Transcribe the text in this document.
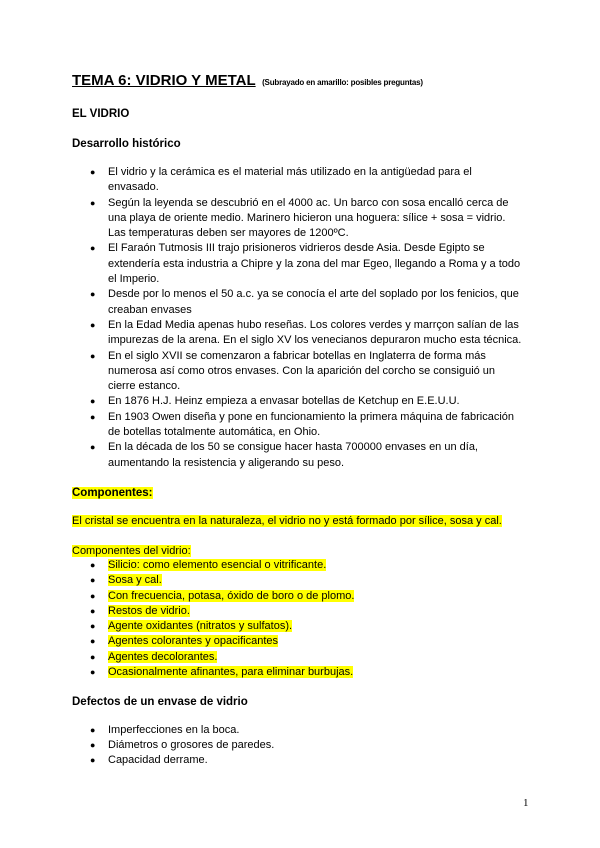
TEMA 6: VIDRIO Y METAL (Subrayado en amarillo: posibles preguntas)
EL VIDRIO
Desarrollo histórico
● El vidrio y la cerámica es el material más utilizado en la antigüedad para el
envasado.
● Según la leyenda se descubrió en el 4000 ac. Un barco con sosa encalló cerca de
una playa de oriente medio. Marinero hicieron una hoguera: sílice + sosa = vidrio.
Las temperaturas deben ser mayores de 1200ºC.
● El Faraón Tutmosis III trajo prisioneros vidrieros desde Asia. Desde Egipto se
extendería esta industria a Chipre y la zona del mar Egeo, llegando a Roma y a todo
el Imperio.
● Desde por lo menos el 50 a.c. ya se conocía el arte del soplado por los fenicios, que
creaban envases
● En la Edad Media apenas hubo reseñas. Los colores verdes y marrçon salían de las
impurezas de la arena. En el siglo XV los venecianos depuraron mucho esta técnica.
● En el siglo XVII se comenzaron a fabricar botellas en Inglaterra de forma más
numerosa así como otros envases. Con la aparición del corcho se consiguió un
cierre estanco.
● En 1876 H.J. Heinz empieza a envasar botellas de Ketchup en E.E.U.U.
● En 1903 Owen diseña y pone en funcionamiento la primera máquina de fabricación
de botellas totalmente automática, en Ohio.
● En la década de los 50 se consigue hacer hasta 700000 envases en un día,
aumentando la resistencia y aligerando su peso.
Componentes:
El cristal se encuentra en la naturaleza, el vidrio no y está formado por sílice, sosa y cal.
Componentes del vidrio:
● Silicio: como elemento esencial o vitrificante.
● Sosa y cal.
● Con frecuencia, potasa, óxido de boro o de plomo.
● Restos de vidrio.
● Agente oxidantes (nitratos y sulfatos).
● Agentes colorantes y opacificantes
● Agentes decolorantes.
● Ocasionalmente afinantes, para eliminar burbujas.
Defectos de un envase de vidrio
● Imperfecciones en la boca.
● Diámetros o grosores de paredes.
● Capacidad derrame.
1
